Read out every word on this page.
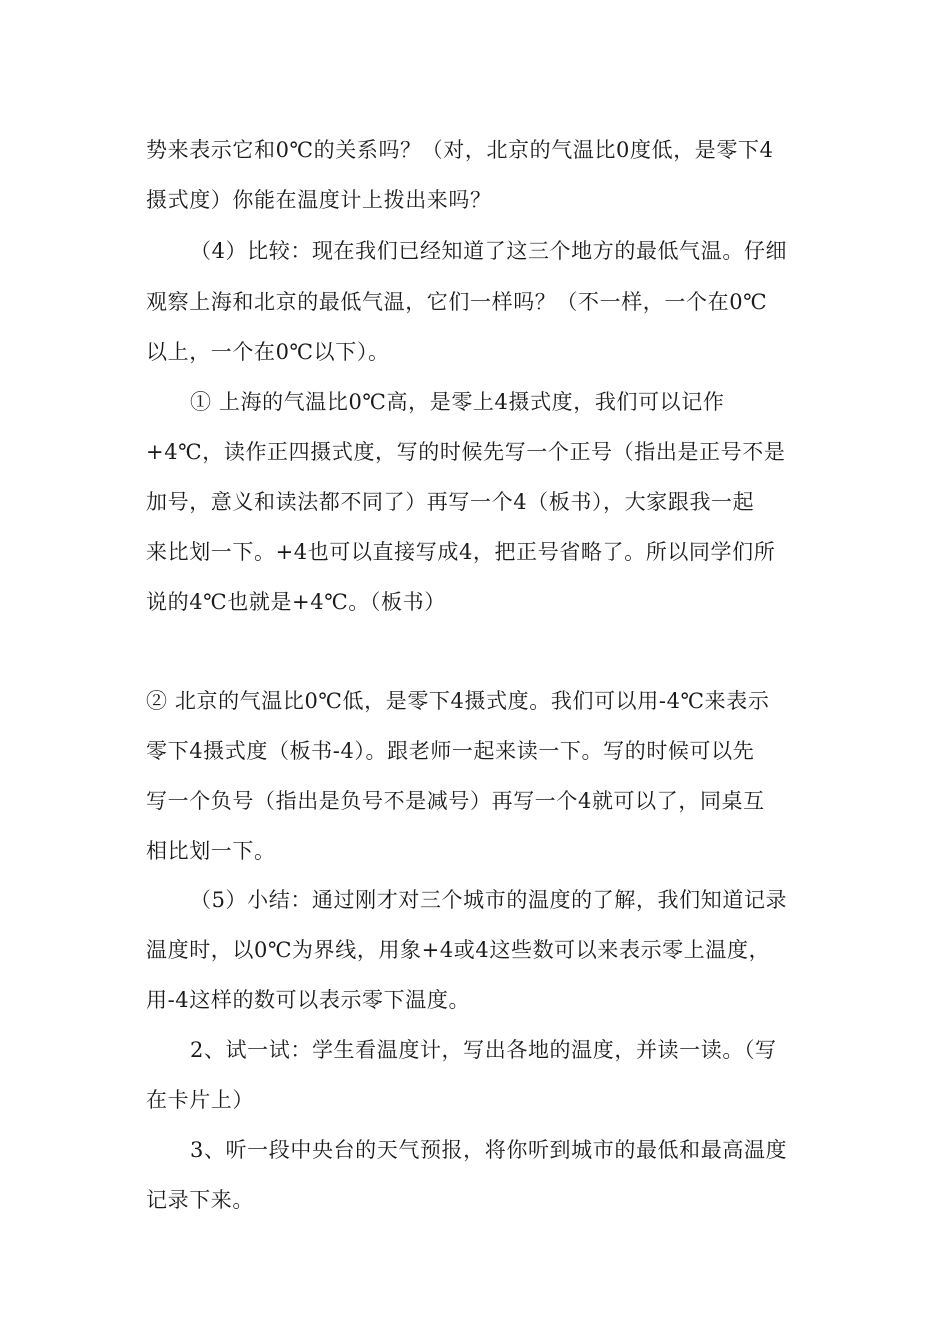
势来表示它和0℃的关系吗？（对，北京的气温比0度低，是零下4
摄式度）你能在温度计上拨出来吗？
（4）比较：现在我们已经知道了这三个地方的最低气温。仔细
观察上海和北京的最低气温，它们一样吗？（不一样，一个在0℃
以上，一个在0℃以下）。
① 上海的气温比0℃高，是零上4摄式度，我们可以记作
+4℃，读作正四摄式度，写的时候先写一个正号（指出是正号不是
加号，意义和读法都不同了）再写一个4（板书），大家跟我一起
来比划一下。+4也可以直接写成4，把正号省略了。所以同学们所
说的4℃也就是+4℃。（板书）
② 北京的气温比0℃低，是零下4摄式度。我们可以用-4℃来表示
零下4摄式度（板书-4）。跟老师一起来读一下。写的时候可以先
写一个负号（指出是负号不是减号）再写一个4就可以了，同桌互
相比划一下。
（5）小结：通过刚才对三个城市的温度的了解，我们知道记录
温度时，以0℃为界线，用象+4或4这些数可以来表示零上温度，
用-4这样的数可以表示零下温度。
2、试一试：学生看温度计，写出各地的温度，并读一读。（写
在卡片上）
3、听一段中央台的天气预报，将你听到城市的最低和最高温度
记录下来。
